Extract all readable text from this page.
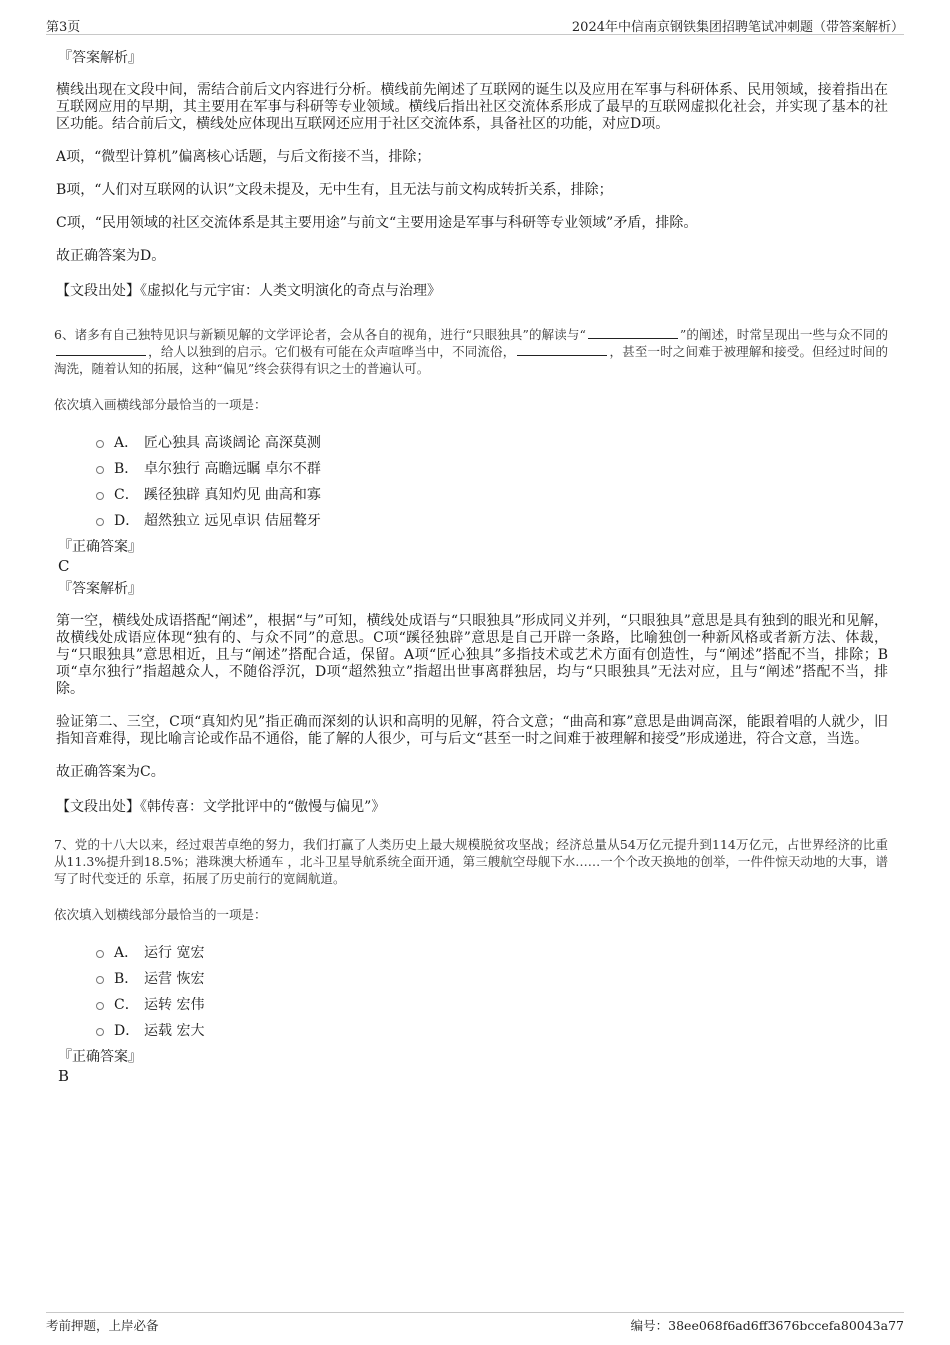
第3页	2024年中信南京钢铁集团招聘笔试冲刺题（带答案解析）
『答案解析』

横线出现在文段中间，需结合前后文内容进行分析。横线前先阐述了互联网的诞生以及应用在军事与科研体系、民用领域，接着指出在互联网应用的早期，其主要用在军事与科研等专业领域。横线后指出社区交流体系形成了最早的互联网虚拟化社会，并实现了基本的社区功能。结合前后文，横线处应体现出互联网还应用于社区交流体系，具备社区的功能，对应D项。

A项，“微型计算机”偏离核心话题，与后文衔接不当，排除；

B项，“人们对互联网的认识”文段未提及，无中生有，且无法与前文构成转折关系，排除；

C项，“民用领域的社区交流体系是其主要用途”与前文“主要用途是军事与科研等专业领域”矛盾，排除。

故正确答案为D。

【文段出处】《虚拟化与元宇宙：人类文明演化的奇点与治理》

6、诸多有自己独特见识与新颖见解的文学评论者，会从各自的视角，进行“只眼独具”的解读与“	”的阐述，时常呈现出一些与众不同的，给人以独到的启示。它们极有可能在众声喧哗当中，不同流俗，	，甚至一时之间难于被理解和接受。但经过时间的淘洗，随着认知的拓展，这种“偏见”终会获得有识之士的普遍认可。

依次填入画横线部分最恰当的一项是：

A． 匠心独具 高谈阔论 高深莫测
B． 卓尔独行 高瞻远瞩 卓尔不群
C． 蹊径独辟 真知灼见 曲高和寡
D． 超然独立 远见卓识 佶屈聱牙
『正确答案』
C
『答案解析』

第一空，横线处成语搭配“阐述”，根据“与”可知，横线处成语与“只眼独具”形成同义并列，“只眼独具”意思是具有独到的眼光和见解，故横线处成语应体现“独有的、与众不同”的意思。C项“蹊径独辟”意思是自己开辟一条路，比喻独创一种新风格或者新方法、体裁，与“只眼独具”意思相近，且与“阐述”搭配合适，保留。A项“匠心独具”多指技术或艺术方面有创造性，与“阐述”搭配不当，排除；B项“卓尔独行”指超越众人，不随俗浮沉，D项“超然独立”指超出世事离群独居，均与“只眼独具”无法对应，且与“阐述”搭配不当，排除。

验证第二、三空，C项“真知灼见”指正确而深刻的认识和高明的见解，符合文意；“曲高和寡”意思是曲调高深，能跟着唱的人就少，旧指知音难得，现比喻言论或作品不通俗，能了解的人很少，可与后文“甚至一时之间难于被理解和接受”形成递进，符合文意，当选。

故正确答案为C。

【文段出处】《韩传喜：文学批评中的“傲慢与偏见”》

7、党的十八大以来，经过艰苦卓绝的努力，我们打赢了人类历史上最大规模脱贫攻坚战；经济总量从54万亿元提升到114万亿元，占世界经济的比重从11.3%提升到18.5%；港珠澳大桥通车 ，北斗卫星导航系统全面开通，第三艘航空母舰下水……一个个改天换地的创举，一件件惊天动地的大事，谱写了时代变迁的 乐章，拓展了历史前行的宽阔航道。

依次填入划横线部分最恰当的一项是：

A． 运行 宽宏
B． 运营 恢宏
C． 运转 宏伟
D． 运载 宏大
『正确答案』
B
考前押题，上岸必备	编号：38ee068f6ad6ff3676bccefa80043a77
